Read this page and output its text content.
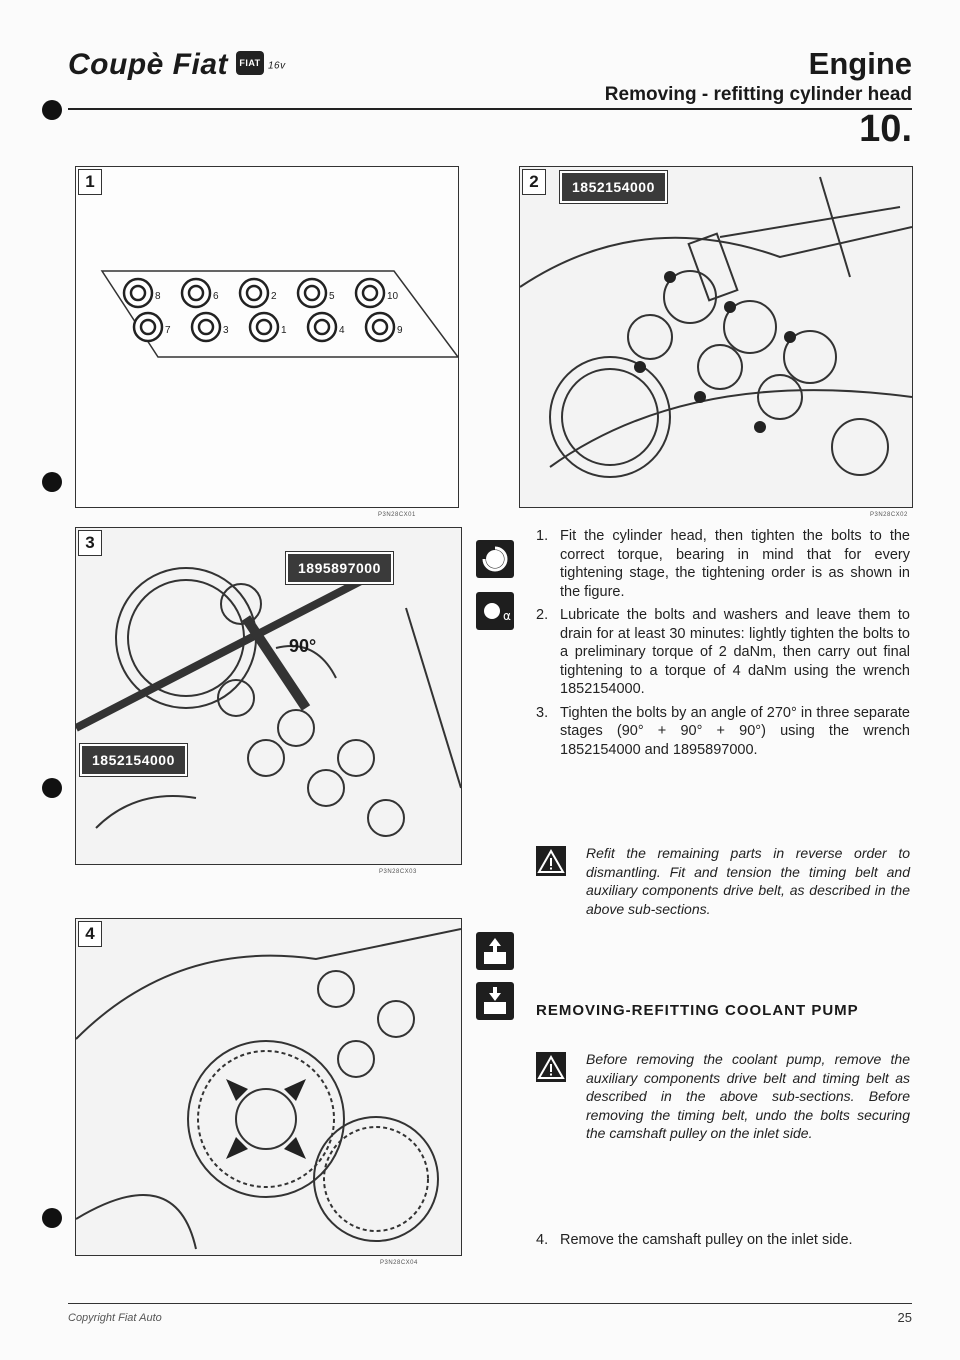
Coupè Fiat FIAT 16v	Engine
Removing - refitting cylinder head
10.
1
8	6	2	5	10
7	3	1	4	9
P3N28CX01
2	1852154000
P3N28CX02
3
1895897000
1852154000
90°
P3N28CX03
4
P3N28CX04
α
1. Fit the cylinder head, then tighten the bolts to the correct torque, bearing in mind that for every tightening stage, the tightening order is as shown in the figure.
2. Lubricate the bolts and washers and leave them to drain for at least 30 minutes: lightly tighten the bolts to a preliminary torque of 2 daNm, then carry out final tightening to a torque of 4 daNm using the wrench 1852154000.
3. Tighten the bolts by an angle of 270° in three separate stages (90° + 90° + 90°) using the wrench 1852154000 and 1895897000.
Refit the remaining parts in reverse order to dismantling. Fit and tension the timing belt and auxiliary components drive belt, as described in the above sub-sections.
REMOVING-REFITTING COOLANT PUMP
Before removing the coolant pump, remove the auxiliary components drive belt and timing belt as described in the above sub-sections. Before removing the timing belt, undo the bolts securing the camshaft pulley on the inlet side.
4. Remove the camshaft pulley on the inlet side.
Copyright Fiat Auto	25
